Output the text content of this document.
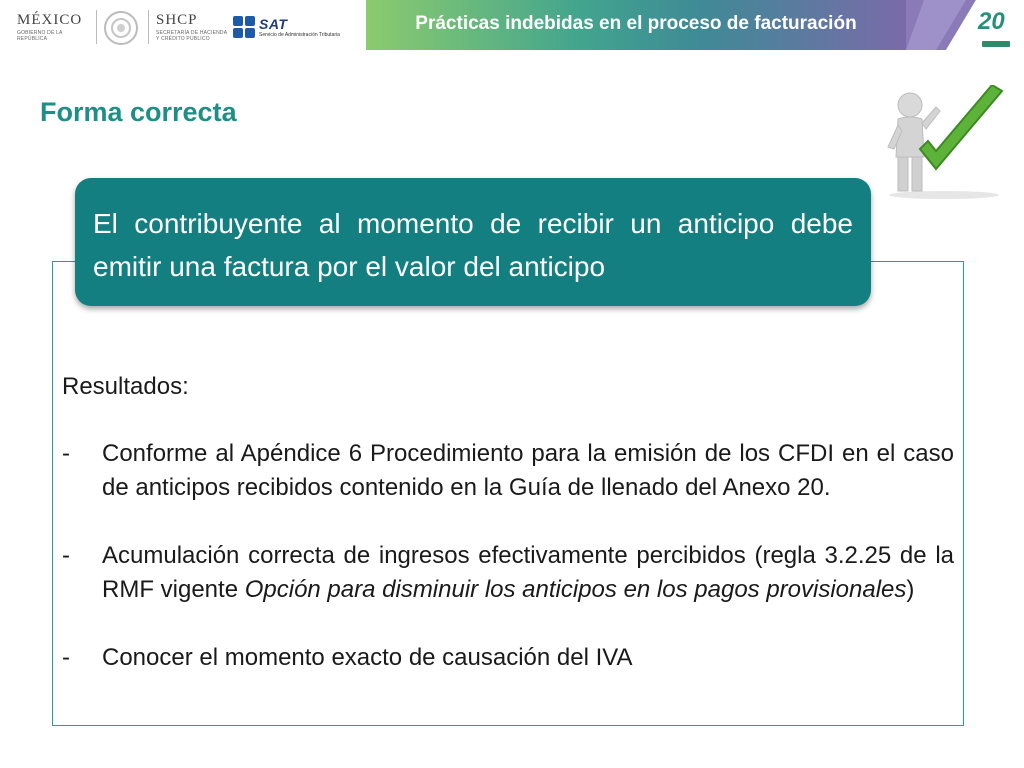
MÉXICO
GOBIERNO DE LA REPÚBLICA
SHCP
SECRETARÍA DE HACIENDA
Y CRÉDITO PÚBLICO
SAT
Servicio de Administración Tributaria
Prácticas indebidas en el proceso de facturación	20
Forma correcta
El contribuyente al momento de recibir un anticipo debe emitir una factura por el valor del anticipo
Resultados:
- Conforme al Apéndice 6 Procedimiento para la emisión de los CFDI en el caso de anticipos recibidos contenido en la Guía de llenado del Anexo 20.
- Acumulación correcta de ingresos efectivamente percibidos (regla 3.2.25 de la RMF vigente Opción para disminuir los anticipos en los pagos provisionales)
- Conocer el momento exacto de causación del IVA
